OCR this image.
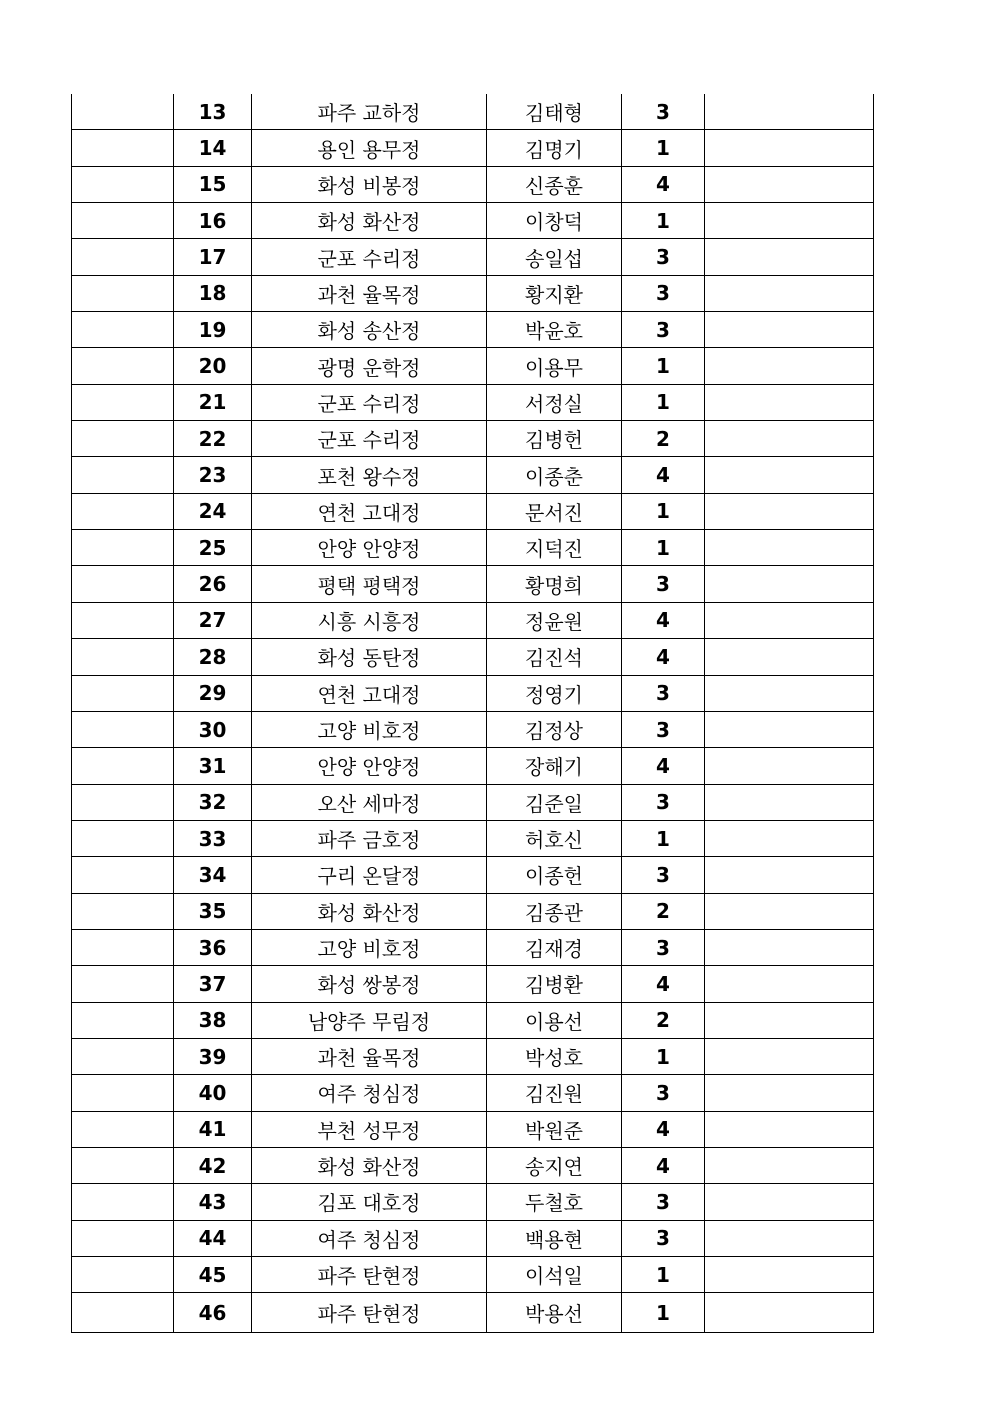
	13	파주 교하정	김태형	3	
	14	용인 용무정	김명기	1	
	15	화성 비봉정	신종훈	4	
	16	화성 화산정	이창덕	1	
	17	군포 수리정	송일섭	3	
	18	과천 율목정	황지환	3	
	19	화성 송산정	박윤호	3	
	20	광명 운학정	이용무	1	
	21	군포 수리정	서정실	1	
	22	군포 수리정	김병헌	2	
	23	포천 왕수정	이종춘	4	
	24	연천 고대정	문서진	1	
	25	안양 안양정	지덕진	1	
	26	평택 평택정	황명희	3	
	27	시흥 시흥정	정윤원	4	
	28	화성 동탄정	김진석	4	
	29	연천 고대정	정영기	3	
	30	고양 비호정	김정상	3	
	31	안양 안양정	장해기	4	
	32	오산 세마정	김준일	3	
	33	파주 금호정	허호신	1	
	34	구리 온달정	이종헌	3	
	35	화성 화산정	김종관	2	
	36	고양 비호정	김재경	3	
	37	화성 쌍봉정	김병환	4	
	38	남양주 무림정	이용선	2	
	39	과천 율목정	박성호	1	
	40	여주 청심정	김진원	3	
	41	부천 성무정	박원준	4	
	42	화성 화산정	송지연	4	
	43	김포 대호정	두철호	3	
	44	여주 청심정	백용현	3	
	45	파주 탄현정	이석일	1	
	46	파주 탄현정	박용선	1	
